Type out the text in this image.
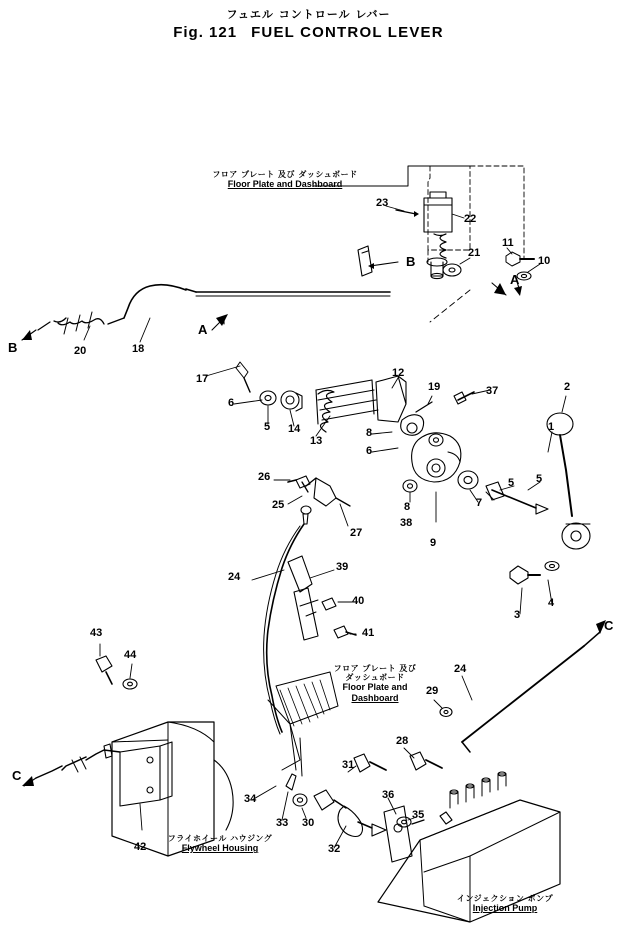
フュエル コントロール レバー
Fig. 121 FUEL CONTROL LEVER
フロア プレート 及び ダッシュボード
Floor Plate and Dashboard
フロア プレート 及び
ダッシュボード
Floor Plate and
Dashboard
フライホイール ハウジング
Flywheel Housing
インジェクション ポンプ
Injection Pump
B
A
B
A
C
C
23
22
21
11
10
20	18
17
6
5 14
13
12
19	37	2
1
5
5
8
8	7
6
38
9
26
25
27
24
39
40
41
3
4
43
44
42
33
34
30
32
31
36
35
28
29
24
